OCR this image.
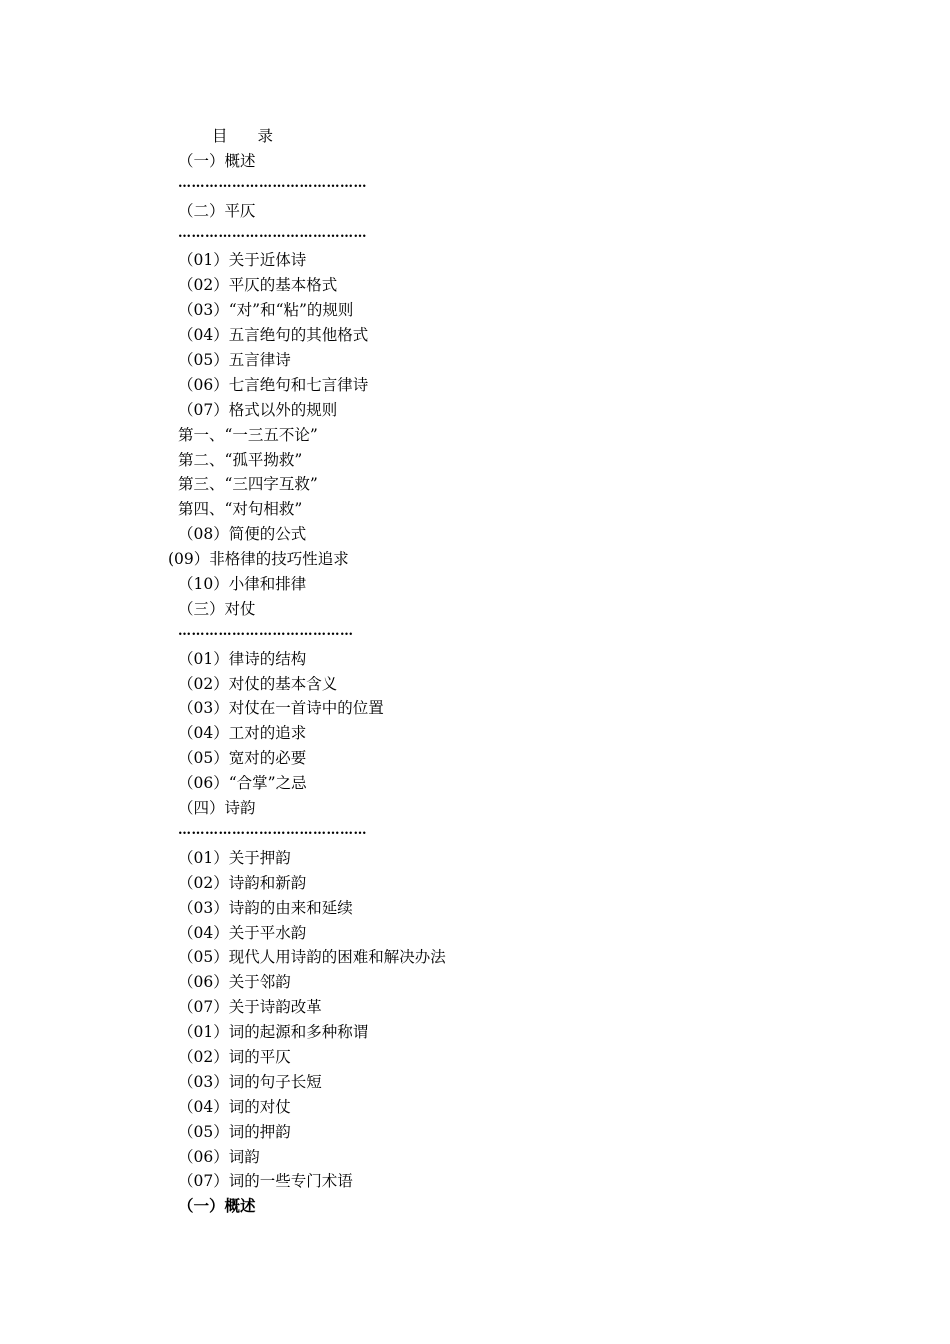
目 录
（一）概述
……………………………………
（二）平仄
……………………………………
（01）关于近体诗
（02）平仄的基本格式
（03）“对”和“粘”的规则
（04）五言绝句的其他格式
（05）五言律诗
（06）七言绝句和七言律诗
（07）格式以外的规则
第一、“一三五不论”
第二、“孤平拗救”
第三、“三四字互救”
第四、“对句相救”
（08）简便的公式
(09）非格律的技巧性追求
（10）小律和排律
（三）对仗
…………………………………
（01）律诗的结构
（02）对仗的基本含义
（03）对仗在一首诗中的位置
（04）工对的追求
（05）宽对的必要
（06）“合掌”之忌
（四）诗韵
……………………………………
（01）关于押韵
（02）诗韵和新韵
（03）诗韵的由来和延续
（04）关于平水韵
（05）现代人用诗韵的困难和解决办法
（06）关于邻韵
（07）关于诗韵改革
（01）词的起源和多种称谓
（02）词的平仄
（03）词的句子长短
（04）词的对仗
（05）词的押韵
（06）词韵
（07）词的一些专门术语
（一）概述
